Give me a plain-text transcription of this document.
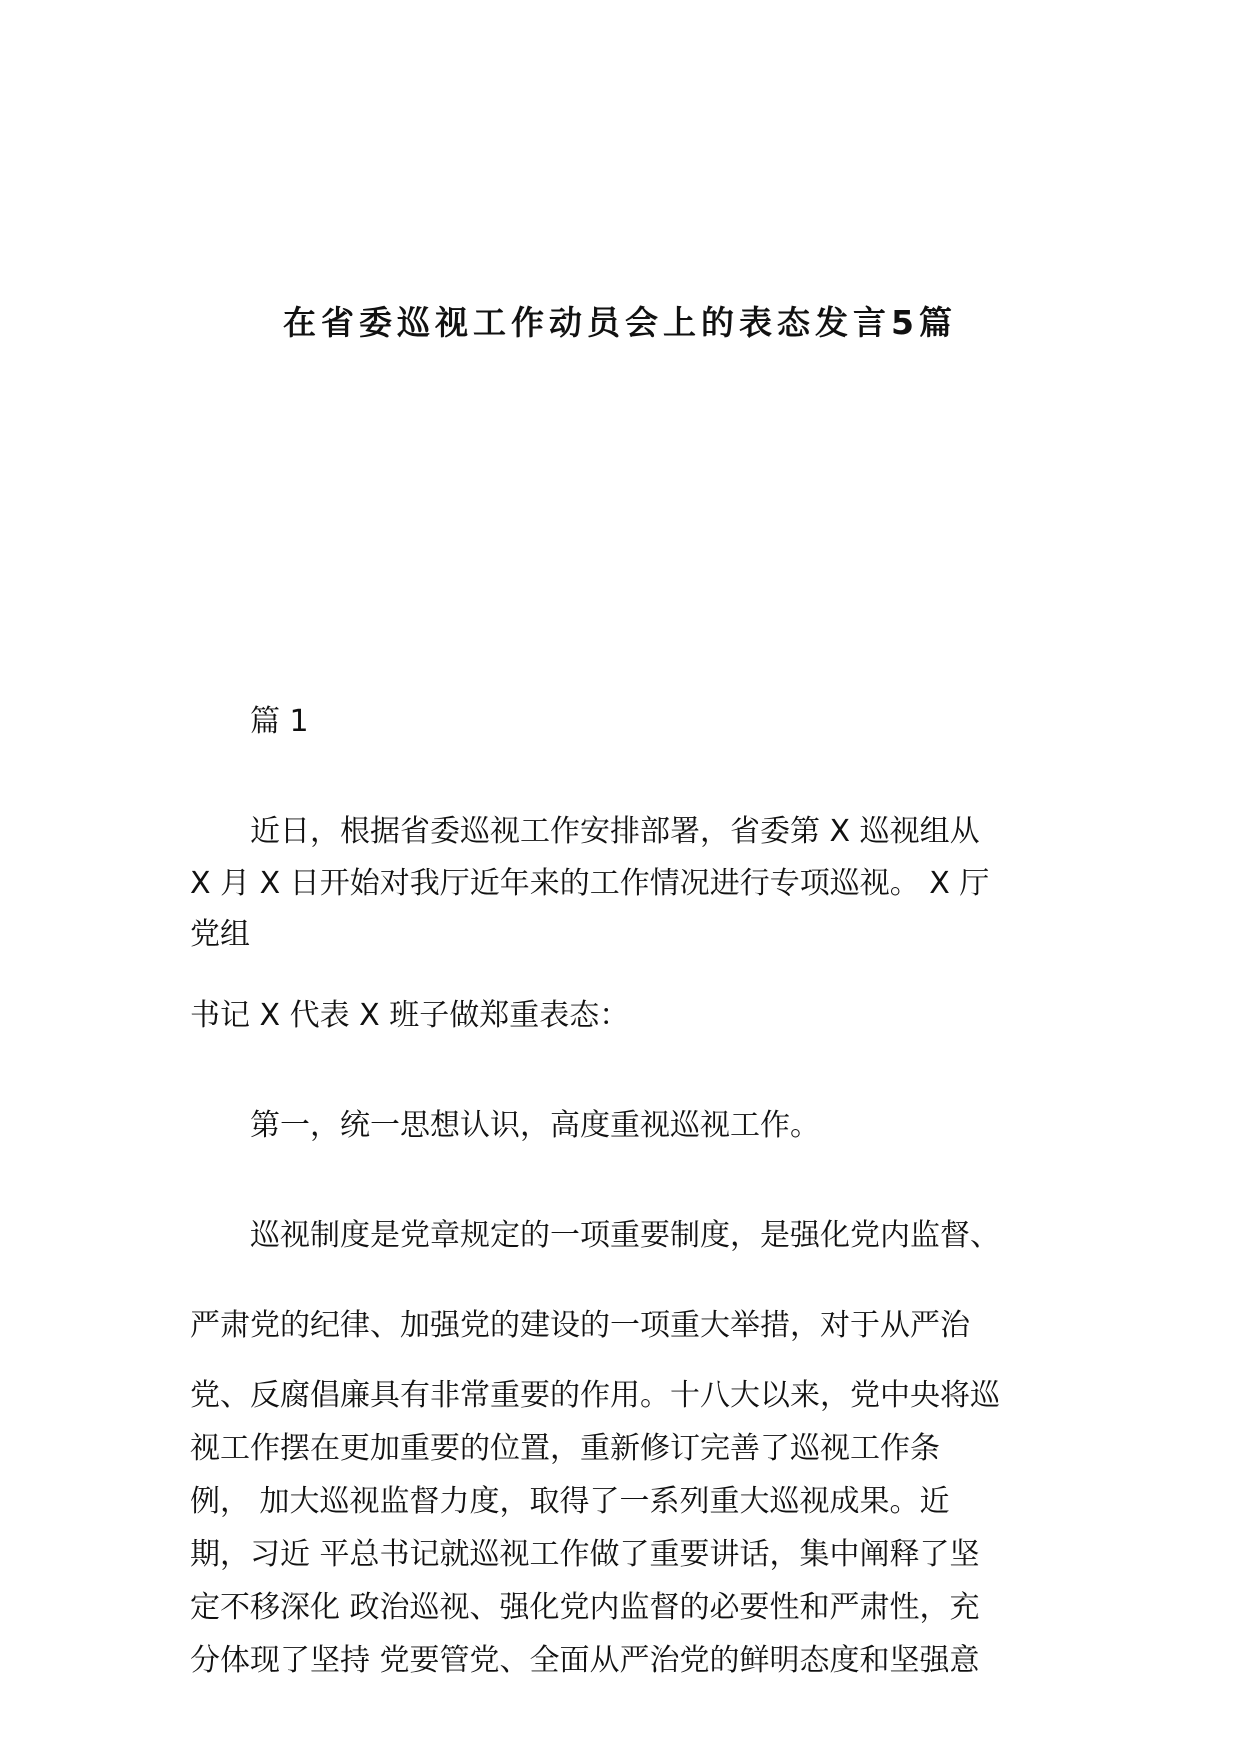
在省委巡视工作动员会上的表态发言5篇
篇 1
近日，根据省委巡视工作安排部署，省委第 X 巡视组从
X 月 X 日开始对我厅近年来的工作情况进行专项巡视。 X 厅
党组
书记 X 代表 X 班子做郑重表态：
第一，统一思想认识，高度重视巡视工作。
巡视制度是党章规定的一项重要制度，是强化党内监督、
严肃党的纪律、加强党的建设的一项重大举措，对于从严治
党、反腐倡廉具有非常重要的作用。十八大以来，党中央将巡
视工作摆在更加重要的位置，重新修订完善了巡视工作条
例， 加大巡视监督力度，取得了一系列重大巡视成果。近
期，习近 平总书记就巡视工作做了重要讲话，集中阐释了坚
定不移深化 政治巡视、强化党内监督的必要性和严肃性，充
分体现了坚持 党要管党、全面从严治党的鲜明态度和坚强意
